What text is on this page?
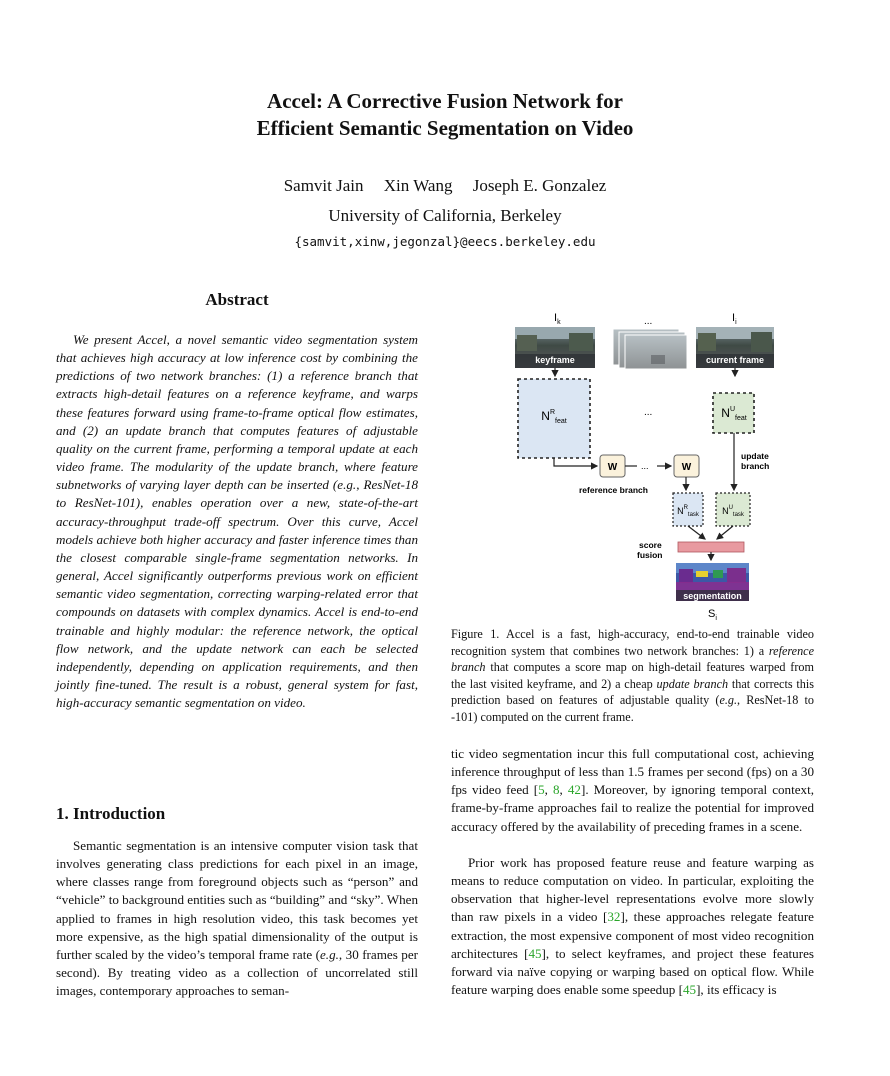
Accel: A Corrective Fusion Network for
Efficient Semantic Segmentation on Video
Samvit Jain Xin Wang Joseph E. Gonzalez
University of California, Berkeley
{samvit,xinw,jegonzal}@eecs.berkeley.edu
Abstract

We present Accel, a novel semantic video segmentation system that achieves high accuracy at low inference cost by combining the predictions of two network branches: (1) a reference branch that extracts high-detail features on a reference keyframe, and warps these features forward using frame-to-frame optical flow estimates, and (2) an update branch that computes features of adjustable quality on the current frame, performing a temporal update at each video frame. The modularity of the update branch, where feature subnetworks of varying layer depth can be inserted (e.g., ResNet-18 to ResNet-101), enables operation over a new, state-of-the-art accuracy-throughput trade-off spectrum. Over this curve, Accel models achieve both higher accuracy and faster inference times than the closest comparable single-frame segmentation networks. In general, Accel significantly outperforms previous work on efficient semantic video segmentation, correcting warping-related error that compounds on datasets with complex dynamics. Accel is end-to-end trainable and highly modular: the reference network, the optical flow network, and the update network can each be selected independently, depending on application requirements, and then jointly fine-tuned. The result is a robust, general system for fast, high-accuracy semantic segmentation on video.

1. Introduction

Semantic segmentation is an intensive computer vision task that involves generating class predictions for each pixel in an image, where classes range from foreground objects such as “person” and “vehicle” to background entities such as “building” and “sky”. When applied to frames in high resolution video, this task becomes yet more expensive, as the high spatial dimensionality of the output is further scaled by the video’s temporal frame rate (e.g., 30 frames per second). By treating video as a collection of uncorrelated still images, contemporary approaches to seman-

$I_k$	$I_i$
...
keyframe	current frame
$N^R_{feat}$
...	$N^U_{feat}$
W	...	W
reference branch
update
branch
$N^R_{task}$	$N^U_{task}$
score
fusion
segmentation
$S_i$

Figure 1. Accel is a fast, high-accuracy, end-to-end trainable video recognition system that combines two network branches: 1) a reference branch that computes a score map on high-detail features warped from the last visited keyframe, and 2) a cheap update branch that corrects this prediction based on features of adjustable quality (e.g., ResNet-18 to -101) computed on the current frame.

tic video segmentation incur this full computational cost, achieving inference throughput of less than 1.5 frames per second (fps) on a 30 fps video feed [5, 8, 42]. Moreover, by ignoring temporal context, frame-by-frame approaches fail to realize the potential for improved accuracy offered by the availability of preceding frames in a scene.

Prior work has proposed feature reuse and feature warping as means to reduce computation on video. In particular, exploiting the observation that higher-level representations evolve more slowly than raw pixels in a video [32], these approaches relegate feature extraction, the most expensive component of most video recognition architectures [45], to select keyframes, and project these features forward via naïve copying or warping based on optical flow. While feature warping does enable some speedup [45], its efficacy is
